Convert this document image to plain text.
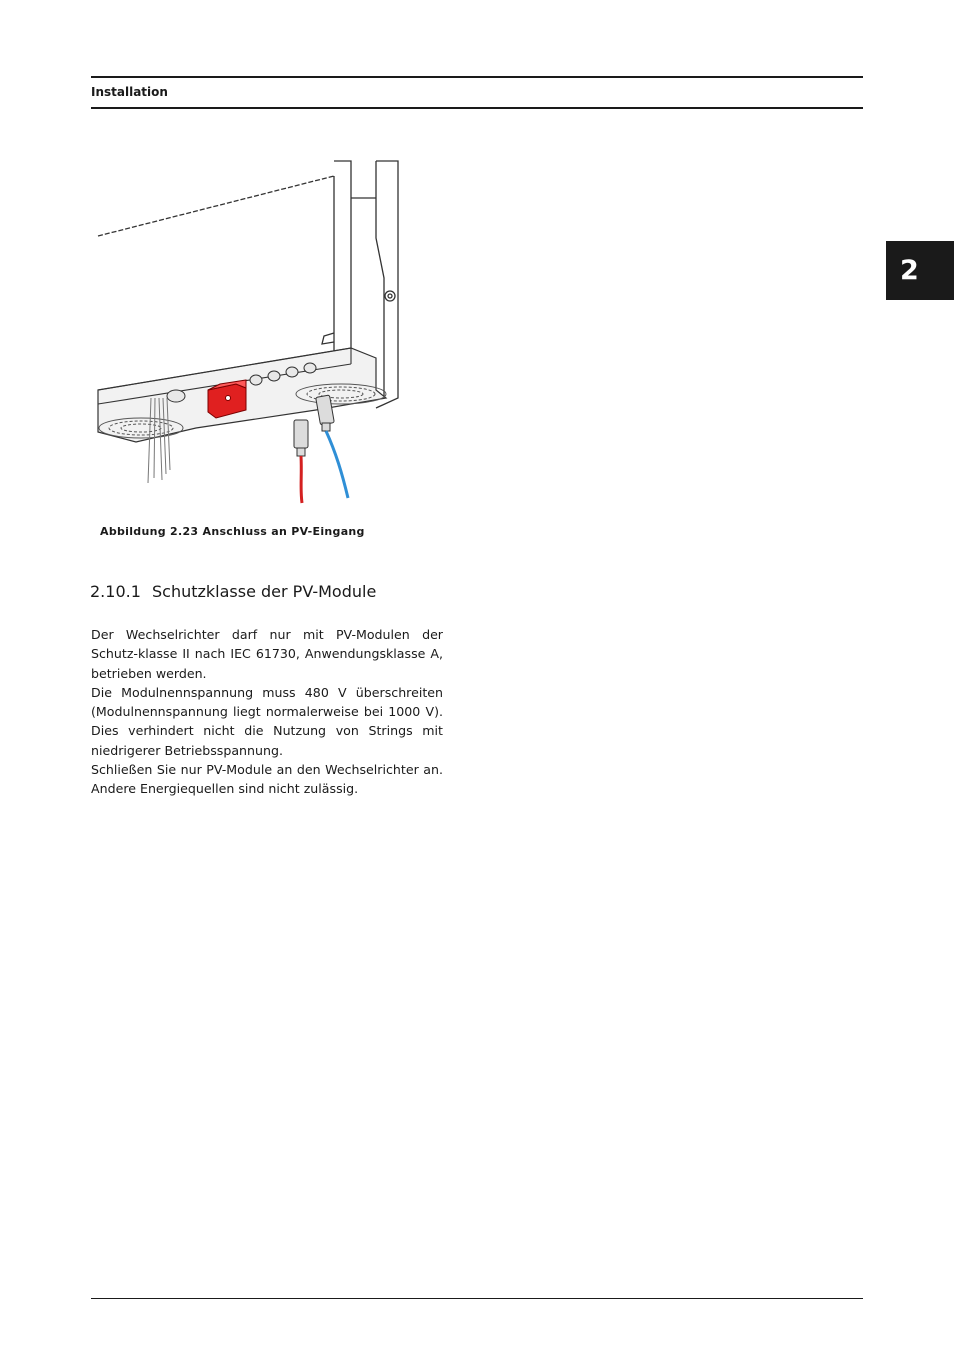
Installation
2
Abbildung 2.23 Anschluss an PV-Eingang
2.10.1 Schutzklasse der PV-Module

Der Wechselrichter darf nur mit PV-Modulen der Schutz-klasse II nach IEC 61730, Anwendungsklasse A, betrieben werden.

Die Modulnennspannung muss 480 V überschreiten (Modulnennspannung liegt normalerweise bei 1000 V). Dies verhindert nicht die Nutzung von Strings mit niedrigerer Betriebsspannung.

Schließen Sie nur PV-Module an den Wechselrichter an. Andere Energiequellen sind nicht zulässig.
